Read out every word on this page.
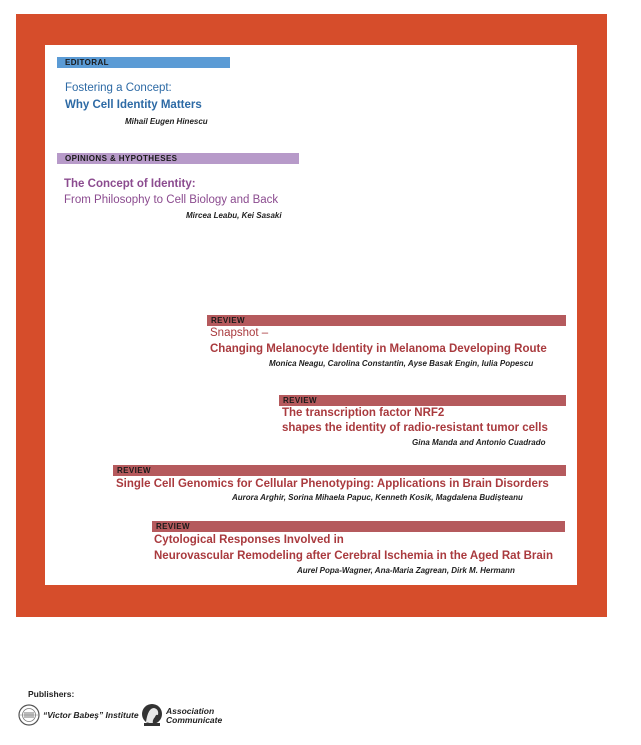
EDITORAL
Fostering a Concept:
Why Cell Identity Matters
Mihail Eugen Hinescu
OPINIONS & HYPOTHESES
The Concept of Identity:
From Philosophy to Cell Biology and Back
Mircea Leabu, Kei Sasaki
REVIEW
Snapshot –
Changing Melanocyte Identity in Melanoma Developing Route
Monica Neagu, Carolina Constantin, Ayse Basak Engin, Iulia Popescu
REVIEW
The transcription factor NRF2
shapes the identity of radio-resistant tumor cells
Gina Manda and Antonio Cuadrado
REVIEW
Single Cell Genomics for Cellular Phenotyping: Applications in Brain Disorders
Aurora Arghir, Sorina Mihaela Papuc, Kenneth Kosik, Magdalena Budișteanu
REVIEW
Cytological Responses Involved in
Neurovascular Remodeling after Cerebral Ischemia in the Aged Rat Brain
Aurel Popa-Wagner, Ana-Maria Zagrean, Dirk M. Hermann
Publishers:
“Victor Babeş” Institute	Association
Communicate
